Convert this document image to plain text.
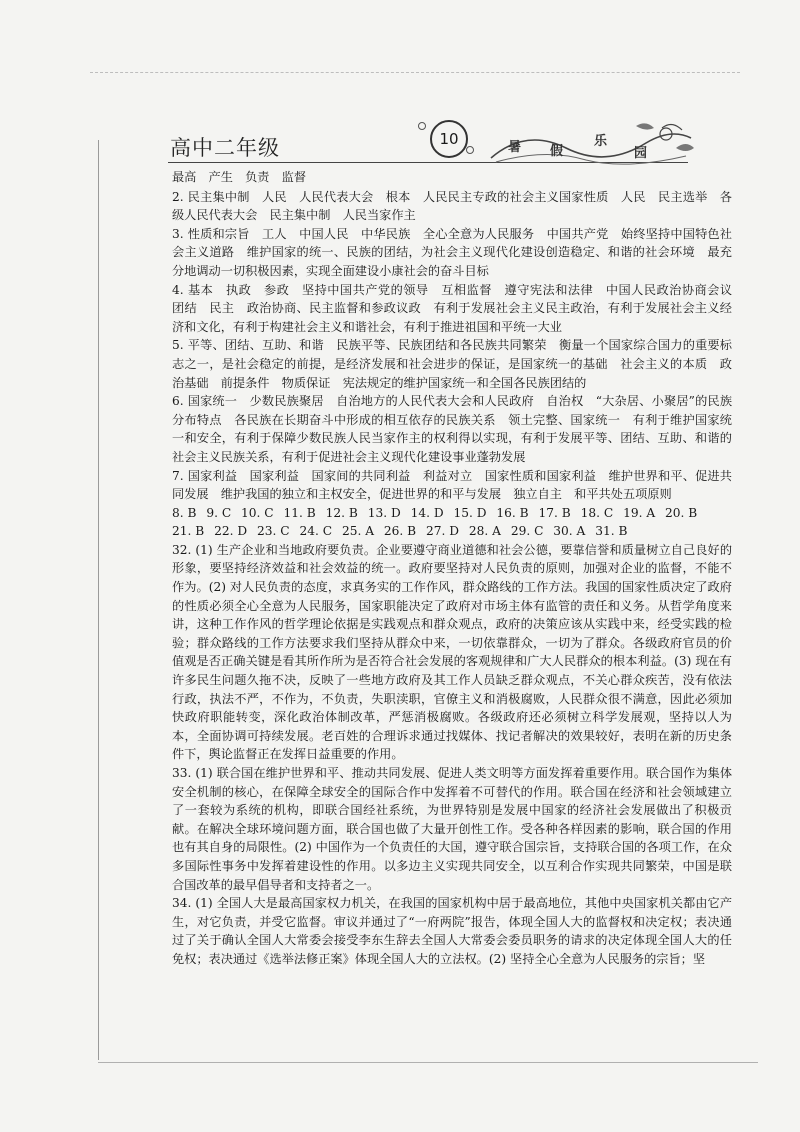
高中二年级	10	暑 假
乐
园
最高　产生　负责　监督
2. 民主集中制　人民　人民代表大会　根本　人民民主专政的社会主义国家性质　人民　民主选举　各级人民代表大会　民主集中制　人民当家作主
3. 性质和宗旨　工人　中国人民　中华民族　全心全意为人民服务　中国共产党　始终坚持中国特色社会主义道路　维护国家的统一、民族的团结，为社会主义现代化建设创造稳定、和谐的社会环境　最充分地调动一切积极因素，实现全面建设小康社会的奋斗目标
4. 基本　执政　参政　坚持中国共产党的领导　互相监督　遵守宪法和法律　中国人民政治协商会议　团结　民主　政治协商、民主监督和参政议政　有利于发展社会主义民主政治，有利于发展社会主义经济和文化，有利于构建社会主义和谐社会，有利于推进祖国和平统一大业
5. 平等、团结、互助、和谐　民族平等、民族团结和各民族共同繁荣　衡量一个国家综合国力的重要标志之一，是社会稳定的前提，是经济发展和社会进步的保证，是国家统一的基础　社会主义的本质　政治基础　前提条件　物质保证　宪法规定的维护国家统一和全国各民族团结的
6. 国家统一　少数民族聚居　自治地方的人民代表大会和人民政府　自治权　“大杂居、小聚居”的民族分布特点　各民族在长期奋斗中形成的相互依存的民族关系　领土完整、国家统一　有利于维护国家统一和安全，有利于保障少数民族人民当家作主的权利得以实现，有利于发展平等、团结、互助、和谐的社会主义民族关系，有利于促进社会主义现代化建设事业蓬勃发展
7. 国家利益　国家利益　国家间的共同利益　利益对立　国家性质和国家利益　维护世界和平、促进共同发展　维护我国的独立和主权安全，促进世界的和平与发展　独立自主　和平共处五项原则
8. B 9. C 10. C 11. B 12. B 13. D 14. D 15. D 16. B 17. B 18. C 19. A 20. B
21. B 22. D 23. C 24. C 25. A 26. B 27. D 28. A 29. C 30. A 31. B
32. (1) 生产企业和当地政府要负责。企业要遵守商业道德和社会公德，要靠信誉和质量树立自己良好的形象，要坚持经济效益和社会效益的统一。政府要坚持对人民负责的原则，加强对企业的监督，不能不作为。(2) 对人民负责的态度，求真务实的工作作风，群众路线的工作方法。我国的国家性质决定了政府的性质必须全心全意为人民服务，国家职能决定了政府对市场主体有监管的责任和义务。从哲学角度来讲，这种工作作风的哲学理论依据是实践观点和群众观点，政府的决策应该从实践中来，经受实践的检验；群众路线的工作方法要求我们坚持从群众中来，一切依靠群众，一切为了群众。各级政府官员的价值观是否正确关键是看其所作所为是否符合社会发展的客观规律和广大人民群众的根本利益。(3) 现在有许多民生问题久拖不决，反映了一些地方政府及其工作人员缺乏群众观点，不关心群众疾苦，没有依法行政，执法不严，不作为，不负责，失职渎职，官僚主义和消极腐败，人民群众很不满意，因此必须加快政府职能转变，深化政治体制改革，严惩消极腐败。各级政府还必须树立科学发展观，坚持以人为本，全面协调可持续发展。老百姓的合理诉求通过找媒体、找记者解决的效果较好，表明在新的历史条件下，舆论监督正在发挥日益重要的作用。
33. (1) 联合国在维护世界和平、推动共同发展、促进人类文明等方面发挥着重要作用。联合国作为集体安全机制的核心，在保障全球安全的国际合作中发挥着不可替代的作用。联合国在经济和社会领域建立了一套较为系统的机构，即联合国经社系统，为世界特别是发展中国家的经济社会发展做出了积极贡献。在解决全球环境问题方面，联合国也做了大量开创性工作。受各种各样因素的影响，联合国的作用也有其自身的局限性。(2) 中国作为一个负责任的大国，遵守联合国宗旨，支持联合国的各项工作，在众多国际性事务中发挥着建设性的作用。以多边主义实现共同安全，以互利合作实现共同繁荣，中国是联合国改革的最早倡导者和支持者之一。
34. (1) 全国人大是最高国家权力机关，在我国的国家机构中居于最高地位，其他中央国家机关都由它产生，对它负责，并受它监督。审议并通过了“一府两院”报告，体现全国人大的监督权和决定权；表决通过了关于确认全国人大常委会接受李东生辞去全国人大常委会委员职务的请求的决定体现全国人大的任免权；表决通过《选举法修正案》体现全国人大的立法权。(2) 坚持全心全意为人民服务的宗旨；坚
